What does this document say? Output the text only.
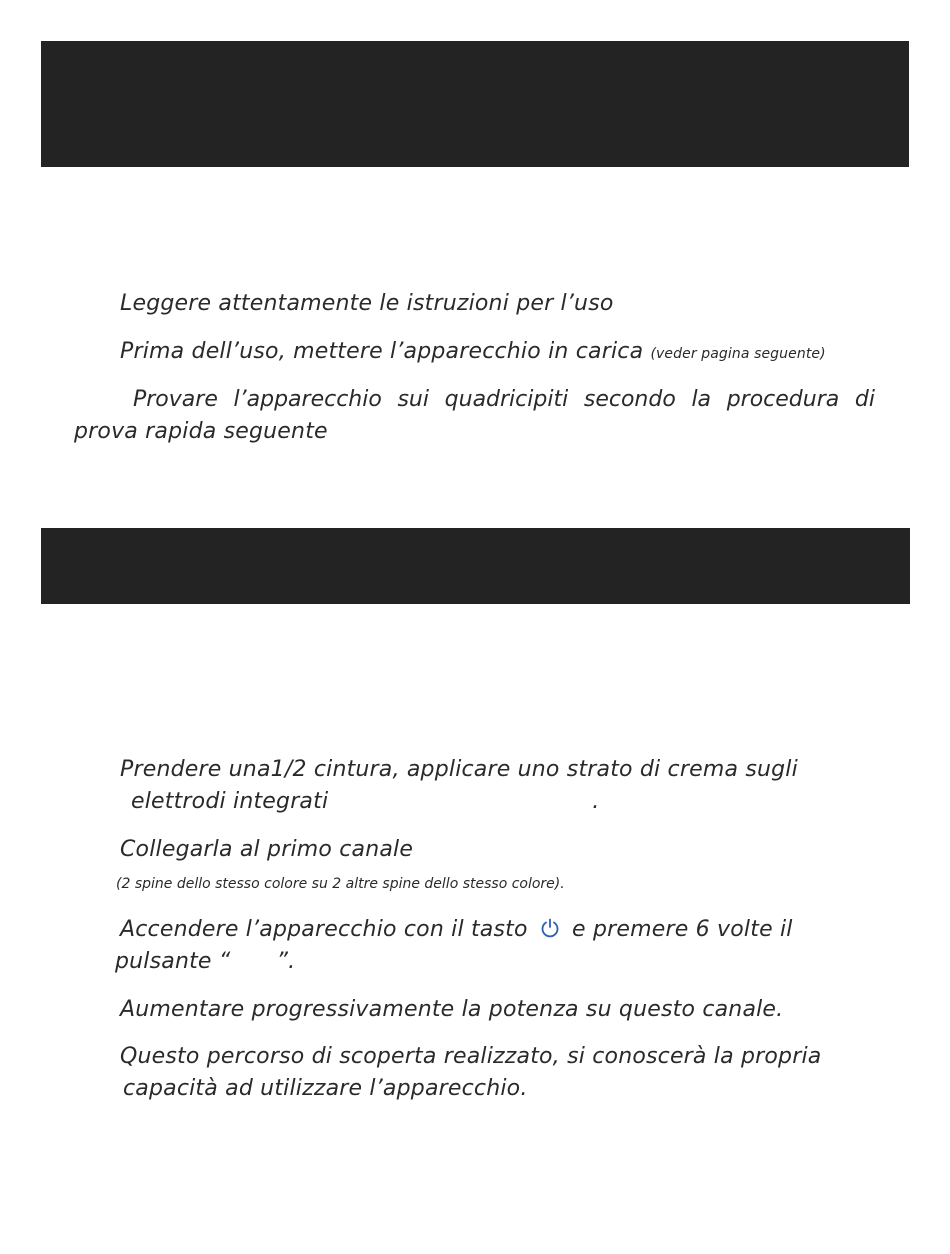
Leggere attentamente le istruzioni per l’uso
Prima dell’uso, mettere l’apparecchio in carica (veder pagina seguente)
Provare l’apparecchio sui quadricipiti secondo la procedura di
prova rapida seguente
Prendere una1/2 cintura, applicare uno strato di crema sugli
elettrodi integrati	.
Collegarla al primo canale
(2 spine dello stesso colore su 2 altre spine dello stesso colore).
Accendere l’apparecchio con il tasto e premere 6 volte il
pulsante “ ”.
Aumentare progressivamente la potenza su questo canale.
Questo percorso di scoperta realizzato, si conoscerà la propria
capacità ad utilizzare l’apparecchio.
